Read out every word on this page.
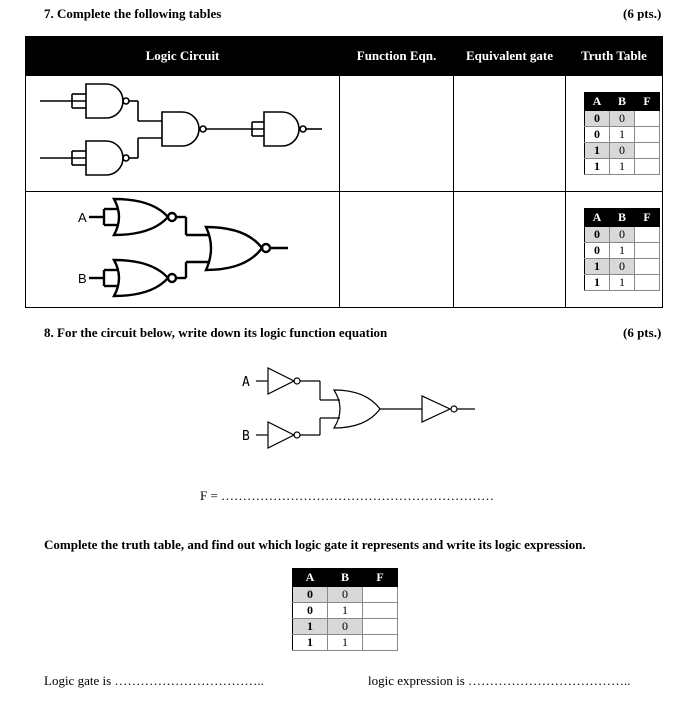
7. Complete the following tables	(6 pts.)
Logic Circuit	Function Eqn.	Equivalent gate	Truth Table

A	B	F
0	0	
0	1	
1	0	
1	1	

A
B

A	B	F
0	0	
0	1	
1	0	
1	1	
8. For the circuit below, write down its logic function equation	(6 pts.)
A
B
F = ………………………………………………………
Complete the truth table, and find out which logic gate it represents and write its logic expression.
A	B	F
0	0	
0	1	
1	0	
1	1	
Logic gate is ……………………………..	logic expression is ………………………………..
